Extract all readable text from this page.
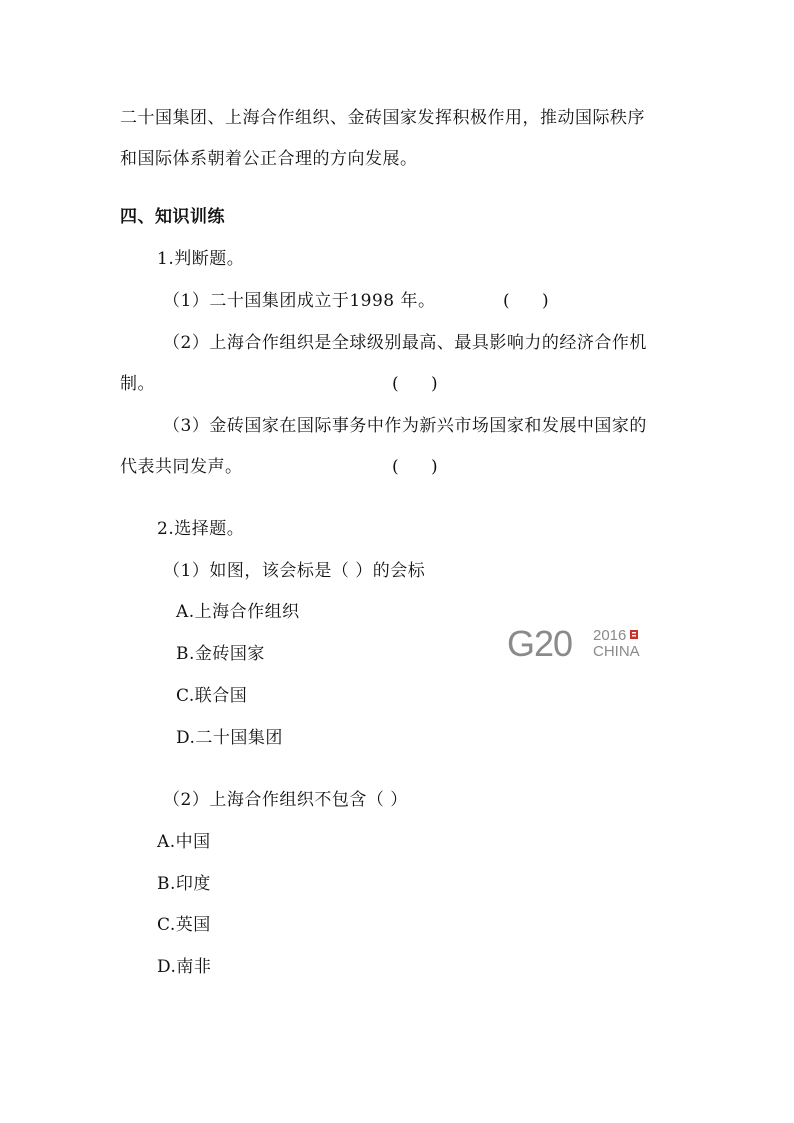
二十国集团、上海合作组织、金砖国家发挥积极作用，推动国际秩序
和国际体系朝着公正合理的方向发展。
四、知识训练
1.判断题。
（1）二十国集团成立于1998 年。	(      )
（2）上海合作组织是全球级别最高、最具影响力的经济合作机
制。	(      )
（3）金砖国家在国际事务中作为新兴市场国家和发展中国家的
代表共同发声。	(      )
2.选择题。
（1）如图，该会标是（ ）的会标
A.上海合作组织
B.金砖国家
C.联合国
D.二十国集团
G20 2016
CHINA
（2）上海合作组织不包含（ ）
A.中国
B.印度
C.英国
D.南非
